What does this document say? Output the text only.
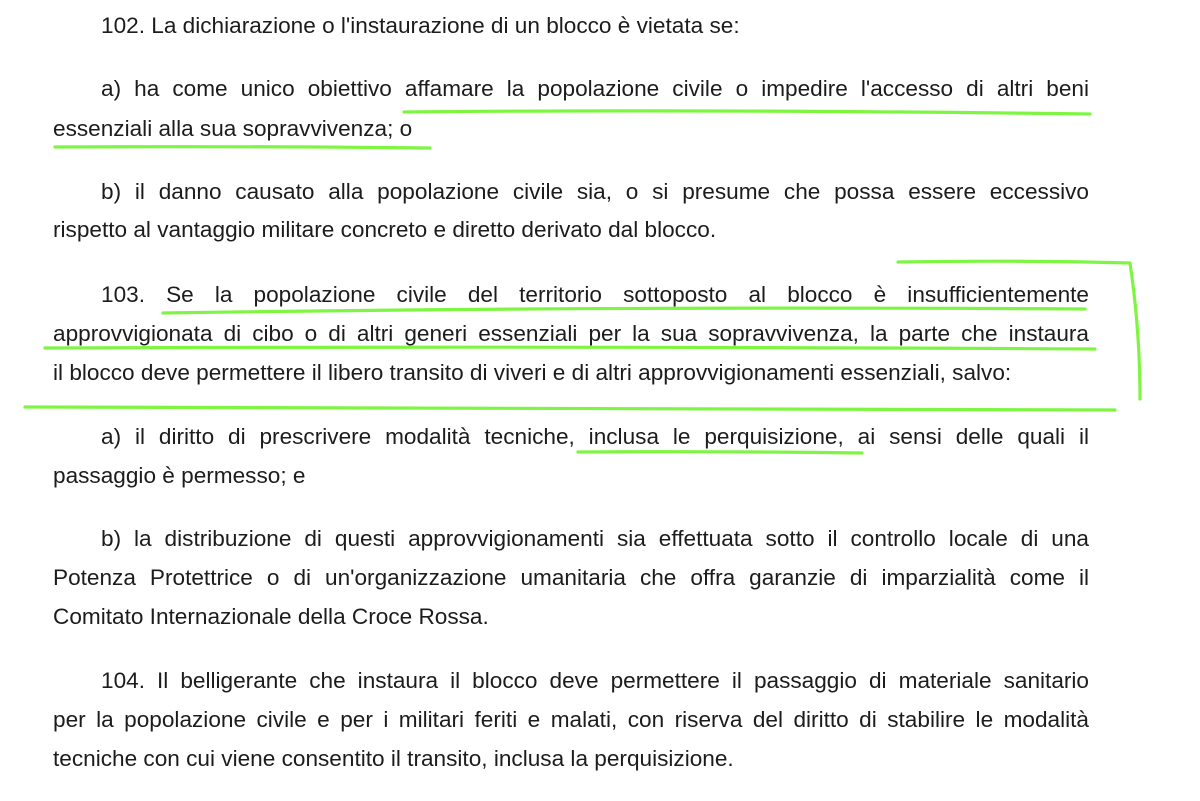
102. La dichiarazione o l'instaurazione di un blocco è vietata se:
a) ha come unico obiettivo affamare la popolazione civile o impedire l'accesso di altri beni
essenziali alla sua sopravvivenza; o
b) il danno causato alla popolazione civile sia, o si presume che possa essere eccessivo
rispetto al vantaggio militare concreto e diretto derivato dal blocco.
103. Se la popolazione civile del territorio sottoposto al blocco è insufficientemente
approvvigionata di cibo o di altri generi essenziali per la sua sopravvivenza, la parte che instaura
il blocco deve permettere il libero transito di viveri e di altri approvvigionamenti essenziali, salvo:
a) il diritto di prescrivere modalità tecniche, inclusa le perquisizione, ai sensi delle quali il
passaggio è permesso; e
b) la distribuzione di questi approvvigionamenti sia effettuata sotto il controllo locale di una
Potenza Protettrice o di un'organizzazione umanitaria che offra garanzie di imparzialità come il
Comitato Internazionale della Croce Rossa.
104. Il belligerante che instaura il blocco deve permettere il passaggio di materiale sanitario
per la popolazione civile e per i militari feriti e malati, con riserva del diritto di stabilire le modalità
tecniche con cui viene consentito il transito, inclusa la perquisizione.
